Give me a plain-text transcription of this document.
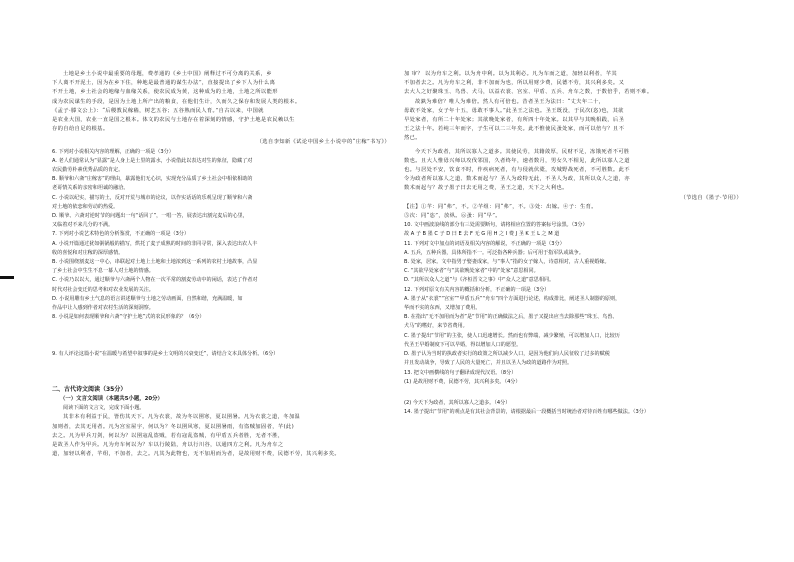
土地是乡土小说中最重要的母题，费孝通的《乡土中国》阐释过不可分离的关系，乡

下人离不开泥土，因为在乡下住，种地是最普通的谋生办法”，直接提出了乡下人为什么离

不开土地，乡土社会的地缘与血缘关系，使农民成为黄，这种成为的土地，土地之所以能形

成为农民谋生的手段，是因为土地上所产出的粮食，在他们生计，久而久之保存和发展人类的根本。

《孟子·滕文公上》：“后稷教民稼穑，树艺五谷；五谷熟而民人育。”自古以来，中国就

是农业大国，农业一直是国之根本。体文的农民与土地存在着深刻的情感，守护土地是农民赖以生

存的自给自足的根基。

（选自李知新《试论中国乡土小说中的“庄稼”书写》）

6. 下列对小说相关内容的理解，正确的一项是（3分）

A. 老人们通常认为“显露”是人身上是土里的露水，小说借此以表达对生的象征，隐藏了对

农民勤劳朴素优秀品质的肯定。

B. 顺爷和六斋“庄稼害”的理由，暴露他们无心识，实现充分品质了乡土社会中相依相助的

老哥情关系的亲密和坦诚的融洽。

C. 小说以纪实，描写的土，反对开荒与城市的论议，以作实话话的乐观呈现了顺爷和六斋

对土地的依恋和劳动的热爱。

D. 顺爷、六斋对逆时节的问题出一句“话回了”，一唱一答，展表达出割完麦后的心里，

又临着对不来几分的不满。

7. 下列对小说艺术特色的分析鉴赏，不正确的一项是（3分）

A. 小说开篇通过犹如粥锅般的描写，烘托了麦子成熟的时间的非同寻常，深入表达出农人丰

收的喜悦和对庄稼的深厚感情。

B. 小说围绕割麦这一中心，串联起对土地上土地和土地浓到这一系列的农村土地故事，凸显

了乡土社会中生生不息一幕人对土地的情感。

C. 小说乃以以大，通过顺爷与六斋两个人物在一次平常的割麦劳动中的闲话，表达了作者对

时代对社会变迁的思考和对农业发展的关注。

D. 小说用雕有乡土气息的语言讲述顺爷与土地之劳动画面，自然和谐，充满温暖，如

作品中让人感到作者对农村生活的深刻洞察。

8. 小说是如何表现顺爷和六斋“守护土地”式的农民形象的？（6分）

9. 有人评论这篇小说“在温暖与希望中叙事的是乡土文明的兴衰变迁”，请结合文本具体分析。（6分）

二、古代诗文阅读（35分）

（一）文言文阅读（本题共5小题，20分）

阅读下面的文言文，完成下面小题。

其非本有利益于民，皆伤其天下。凡为衣裳，故为冬以圉寒，夏以圉暑。凡为衣裳之道，冬加温

加则者，去其无用者。凡为宫室屋宇，何以为？冬以圉风寒，夏以圉暑雨，有盗贼加固者，芊(此)

去之。凡为甲兵刀剑，何以为？以圉寇乱盗贼，若有寇乱盗贼，有甲盾五兵者胜，无者不胜，

是故圣人作为甲兵。凡为舟车何以为？车以行陵陆，舟以行川谷，以通四方之利。凡为舟车之

道，加轻以利者，芊组，不加者，去之。凡其为此物也，无不加用而为者，是故用财不费，民德不劳，其兴利多矣。

加 审？ 以为舟车之利。以为舟中利。以为其利必。凡为车而之道，加轻以利者，芊其

不加者去之。凡为舟车之利，非不加而为也，所以用财少费，民德不劳，其兴利多矣。又

去大人之好聚珠玉、鸟兽、犬马，以益衣裳、宫室、甲盾、五兵、舟车之数，于数倍乎，若则不难。

故孰为难倍？唯人为难倍。然人有可倍也。昔者圣王为法曰：“丈夫年二十，

毋敢不处家，女子年十五，毋敢不事人。”此圣王之法也。圣王既没，于民次(恣)也，其欲

早处家者，有所二十年处家；其欲晚处家者，有所四十年处家。以其早与其晚相践，后圣

王之法十年。若纯三年而字，子生可以二三年矣。此不惟使民蚤处家，而可以倍与？且不

然已。

今天下为政者，其所以寡人之道多。其使民劳，其籍敛厚，民财不足，冻饿死者不可胜

数也。且大人惟毋兴师以攻伐邻国，久者终年，速者数月，男女久不相见，此所以寡人之道

也。与居处不安，饮食不时，作疾病死者，有与侵就伏橐，攻城野战死者，不可胜数。此不

令为政者所以寡人之道、数术而起与？圣人为政特无此，不圣人为政，其所以众人之道，亦

数术而起与？故子墨子曰去无用之费，圣王之道，天下之大利也。

（节选自《墨子·节用》）

【注】①芊：同“弗”，不。②芊组：同“弗”，不。③处：出嫁。④子：生育。

⑤次：同“恣”，放纵。⑥蚤：同“早”。

10. 文中画波浪线的部分有三处需要断句，请将相应位置的答案标号涂黑。（3分）

故 A 子 B 墨 C 子 D 曰 E 去 F 无 G 用 H 之 I 费 J 圣 K 王 L 之 M 道

11. 下列对文中加点的词语及相关内容的解说，不正确的一项是（3分）

A. 五兵，五种兵器，具体所指不一。可泛指各种兵器；后可用于指军队或战争。

B. 处家，居家。文中指男子娶妻成家，与“事人”指的女子嫁人，诗意相对，古人重视婚嫁。

C. “其欲早处家者”与“其欲晚处家者”中的“处家”意思相同。

D. “其所以众人之道”与《齐桓晋文之事》中“众人之道”意思相同。

12. 下列对原文有关内容的概括和分析，不正确的一项是（3分）

A. 墨子从“衣裳”“宫室”“甲盾五兵”“舟车”四个方面进行论述，构成排比，阐述圣人制器的原则，

华而不实的东西，又增加了费用。

B. 在指出“无不加用而为者”是“节用”的正确做法之后，墨子又提出应当去除那些“珠玉、鸟兽、

犬马”的嗜好，来节省费用。

C. 墨子提出“节用”的主张，使人口迅速增长。然而也有弊端，减少繁殖，可以增加人口，比较历

代圣王早婚制度下可以早婚，得以增加人口的愿望。

D. 墨子认为当时的执政者实行的政策之所以减少人口，是因为他们向人民征收了过多的赋税

并且发动战争，导致了人民的大量死亡，并且以圣人为政的道路作为对照。

13. 把文中画横线的句子翻译成现代汉语。（8分）

(1) 是故用财不费，民德不劳，其兴利多矣。（4分）

(2) 今天下为政者，其所以寡人之道多。（4分）

14. 墨子提出“节用”的观点是有其社会背景的，请根据最后一段概括当时统治者对待百姓有哪些做法。（3分）
